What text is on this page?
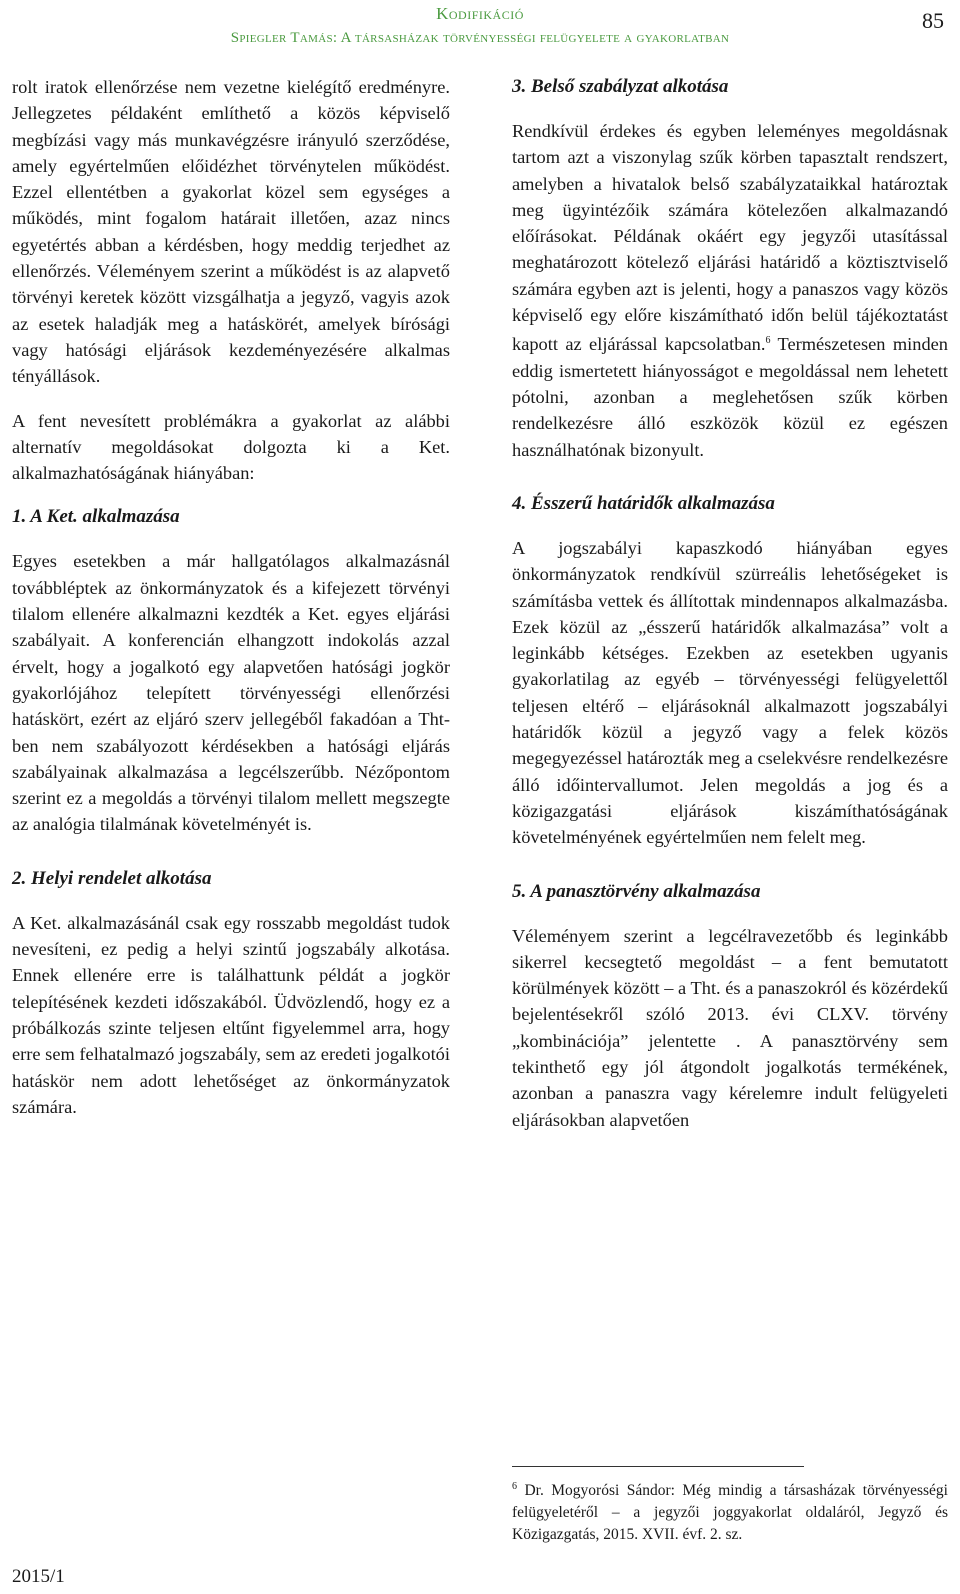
Kodifikáció
Spiegler Tamás: A társasházak törvényességi felügyelete a gyakorlatban
85

rolt iratok ellenőrzése nem vezetne kielégítő eredményre. Jellegzetes példaként említhető a közös képviselő megbízási vagy más munkavégzésre irányuló szerződése, amely egyértelműen előidézhet törvénytelen működést. Ezzel ellentétben a gyakorlat közel sem egységes a működés, mint fogalom határait illetően, azaz nincs egyetértés abban a kérdésben, hogy meddig terjedhet az ellenőrzés. Véleményem szerint a működést is az alapvető törvényi keretek között vizsgálhatja a jegyző, vagyis azok az esetek haladják meg a hatáskörét, amelyek bírósági vagy hatósági eljárások kezdeményezésére alkalmas tényállások.

A fent nevesített problémákra a gyakorlat az alábbi alternatív megoldásokat dolgozta ki a Ket. alkalmazhatóságának hiányában:

1. A Ket. alkalmazása

Egyes esetekben a már hallgatólagos alkalmazásnál továbbléptek az önkormányzatok és a kifejezett törvényi tilalom ellenére alkalmazni kezdték a Ket. egyes eljárási szabályait. A konferencián elhangzott indokolás azzal érvelt, hogy a jogalkotó egy alapvetően hatósági jogkör gyakorlójához telepített törvényességi ellenőrzési hatáskört, ezért az eljáró szerv jellegéből fakadóan a Tht-ben nem szabályozott kérdésekben a hatósági eljárás szabályainak alkalmazása a legcélszerűbb. Nézőpontom szerint ez a megoldás a törvényi tilalom mellett megszegte az analógia tilalmának követelményét is.

2. Helyi rendelet alkotása

A Ket. alkalmazásánál csak egy rosszabb megoldást tudok nevesíteni, ez pedig a helyi szintű jogszabály alkotása. Ennek ellenére erre is találhattunk példát a jogkör telepítésének kezdeti időszakából. Üdvözlendő, hogy ez a próbálkozás szinte teljesen eltűnt figyelemmel arra, hogy erre sem felhatalmazó jogszabály, sem az eredeti jogalkotói hatáskör nem adott lehetőséget az önkormányzatok számára.

3. Belső szabályzat alkotása

Rendkívül érdekes és egyben leleményes megoldásnak tartom azt a viszonylag szűk körben tapasztalt rendszert, amelyben a hivatalok belső szabályzataikkal határoztak meg ügyintézőik számára kötelezően alkalmazandó előírásokat. Példának okáért egy jegyzői utasítással meghatározott kötelező eljárási határidő a köztisztviselő számára egyben azt is jelenti, hogy a panaszos vagy közös képviselő egy előre kiszámítható időn belül tájékoztatást kapott az eljárással kapcsolatban.$^6$ Természetesen minden eddig ismertetett hiányosságot e megoldással nem lehetett pótolni, azonban a meglehetősen szűk körben rendelkezésre álló eszközök közül ez egészen használhatónak bizonyult.

4. Ésszerű határidők alkalmazása

A jogszabályi kapaszkodó hiányában egyes önkormányzatok rendkívül szürreális lehetőségeket is számításba vettek és állítottak mindennapos alkalmazásba. Ezek közül az „ésszerű határidők alkalmazása” volt a leginkább kétséges. Ezekben az esetekben ugyanis gyakorlatilag az egyéb – törvényességi felügyelettől teljesen eltérő – eljárásoknál alkalmazott jogszabályi határidők közül a jegyző vagy a felek közös megegyezéssel határozták meg a cselekvésre rendelkezésre álló időintervallumot. Jelen megoldás a jog és a közigazgatási eljárások kiszámíthatóságának követelményének egyértelműen nem felelt meg.

5. A panasztörvény alkalmazása

Véleményem szerint a legcélravezetőbb és leginkább sikerrel kecsegtető megoldást – a fent bemutatott körülmények között – a Tht. és a panaszokról és közérdekű bejelentésekről szóló 2013. évi CLXV. törvény „kombinációja” jelentette . A panasztörvény sem tekinthető egy jól átgondolt jogalkotás termékének, azonban a panaszra vagy kérelemre indult felügyeleti eljárásokban alapvetően

$^6$ Dr. Mogyorósi Sándor: Még mindig a társasházak törvényességi felügyeletéről – a jegyzői joggyakorlat oldaláról, Jegyző és Közigazgatás, 2015. XVII. évf. 2. sz.
2015/1
